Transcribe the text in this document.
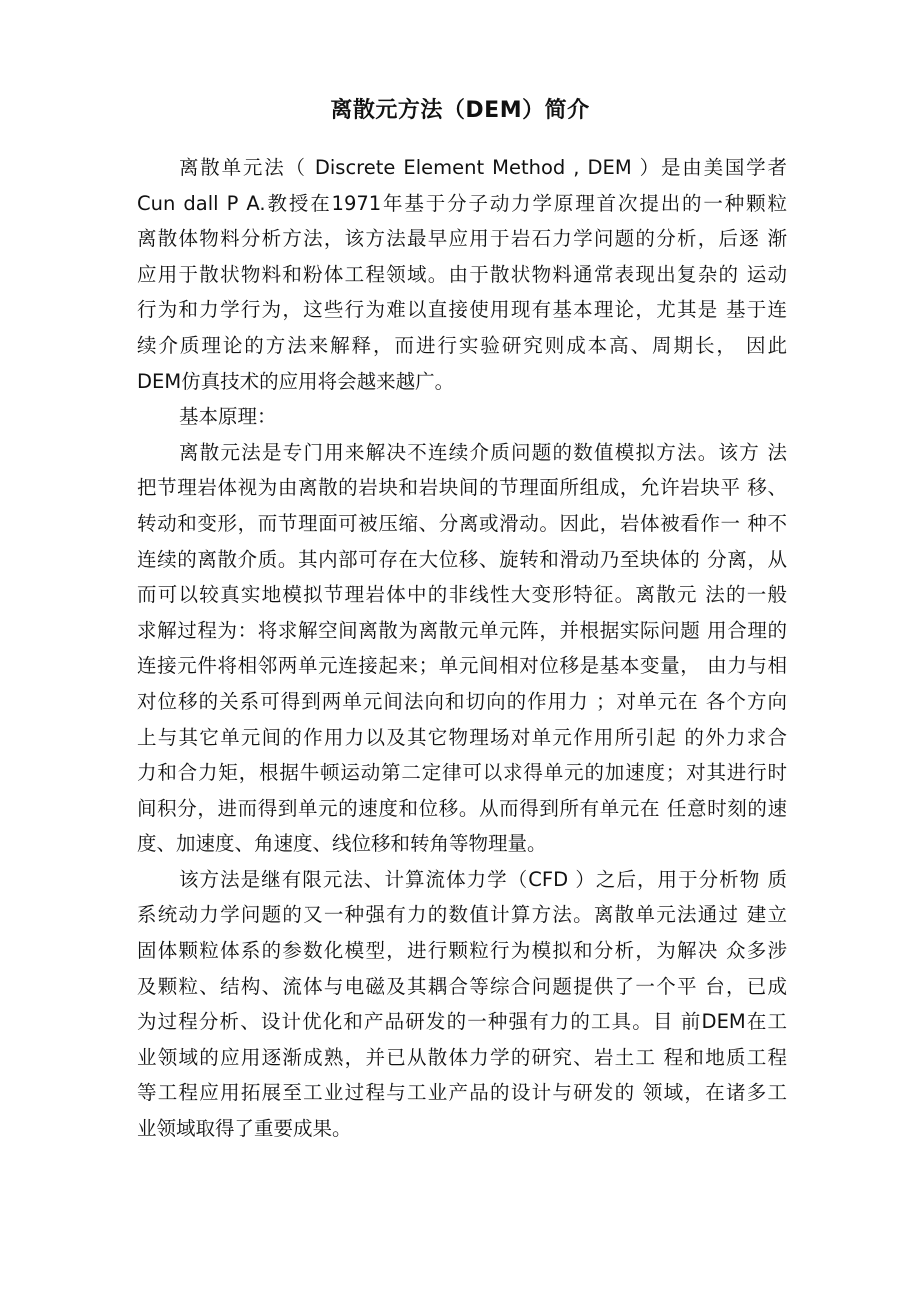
离散元方法（DEM）简介
离散单元法（ Discrete Element Method , DEM ）是由美国学者
Cun dall P A.教授在1971年基于分子动力学原理首次提出的一种颗粒
离散体物料分析方法，该方法最早应用于岩石力学问题的分析，后逐 渐
应用于散状物料和粉体工程领域。由于散状物料通常表现出复杂的 运动
行为和力学行为，这些行为难以直接使用现有基本理论，尤其是 基于连
续介质理论的方法来解释，而进行实验研究则成本高、周期长， 因此
DEM仿真技术的应用将会越来越广。
基本原理：
离散元法是专门用来解决不连续介质问题的数值模拟方法。该方 法
把节理岩体视为由离散的岩块和岩块间的节理面所组成，允许岩块平 移、
转动和变形，而节理面可被压缩、分离或滑动。因此，岩体被看作一 种不
连续的离散介质。其内部可存在大位移、旋转和滑动乃至块体的 分离，从
而可以较真实地模拟节理岩体中的非线性大变形特征。离散元 法的一般
求解过程为：将求解空间离散为离散元单元阵，并根据实际问题 用合理的
连接元件将相邻两单元连接起来；单元间相对位移是基本变量， 由力与相
对位移的关系可得到两单元间法向和切向的作用力 ；对单元在 各个方向
上与其它单元间的作用力以及其它物理场对单元作用所引起 的外力求合
力和合力矩，根据牛顿运动第二定律可以求得单元的加速度；对其进行时
间积分，进而得到单元的速度和位移。从而得到所有单元在 任意时刻的速
度、加速度、角速度、线位移和转角等物理量。
该方法是继有限元法、计算流体力学（CFD ）之后，用于分析物 质
系统动力学问题的又一种强有力的数值计算方法。离散单元法通过 建立
固体颗粒体系的参数化模型，进行颗粒行为模拟和分析，为解决 众多涉
及颗粒、结构、流体与电磁及其耦合等综合问题提供了一个平 台，已成
为过程分析、设计优化和产品研发的一种强有力的工具。目 前DEM在工
业领域的应用逐渐成熟，并已从散体力学的研究、岩土工 程和地质工程
等工程应用拓展至工业过程与工业产品的设计与研发的 领域，在诸多工
业领域取得了重要成果。
